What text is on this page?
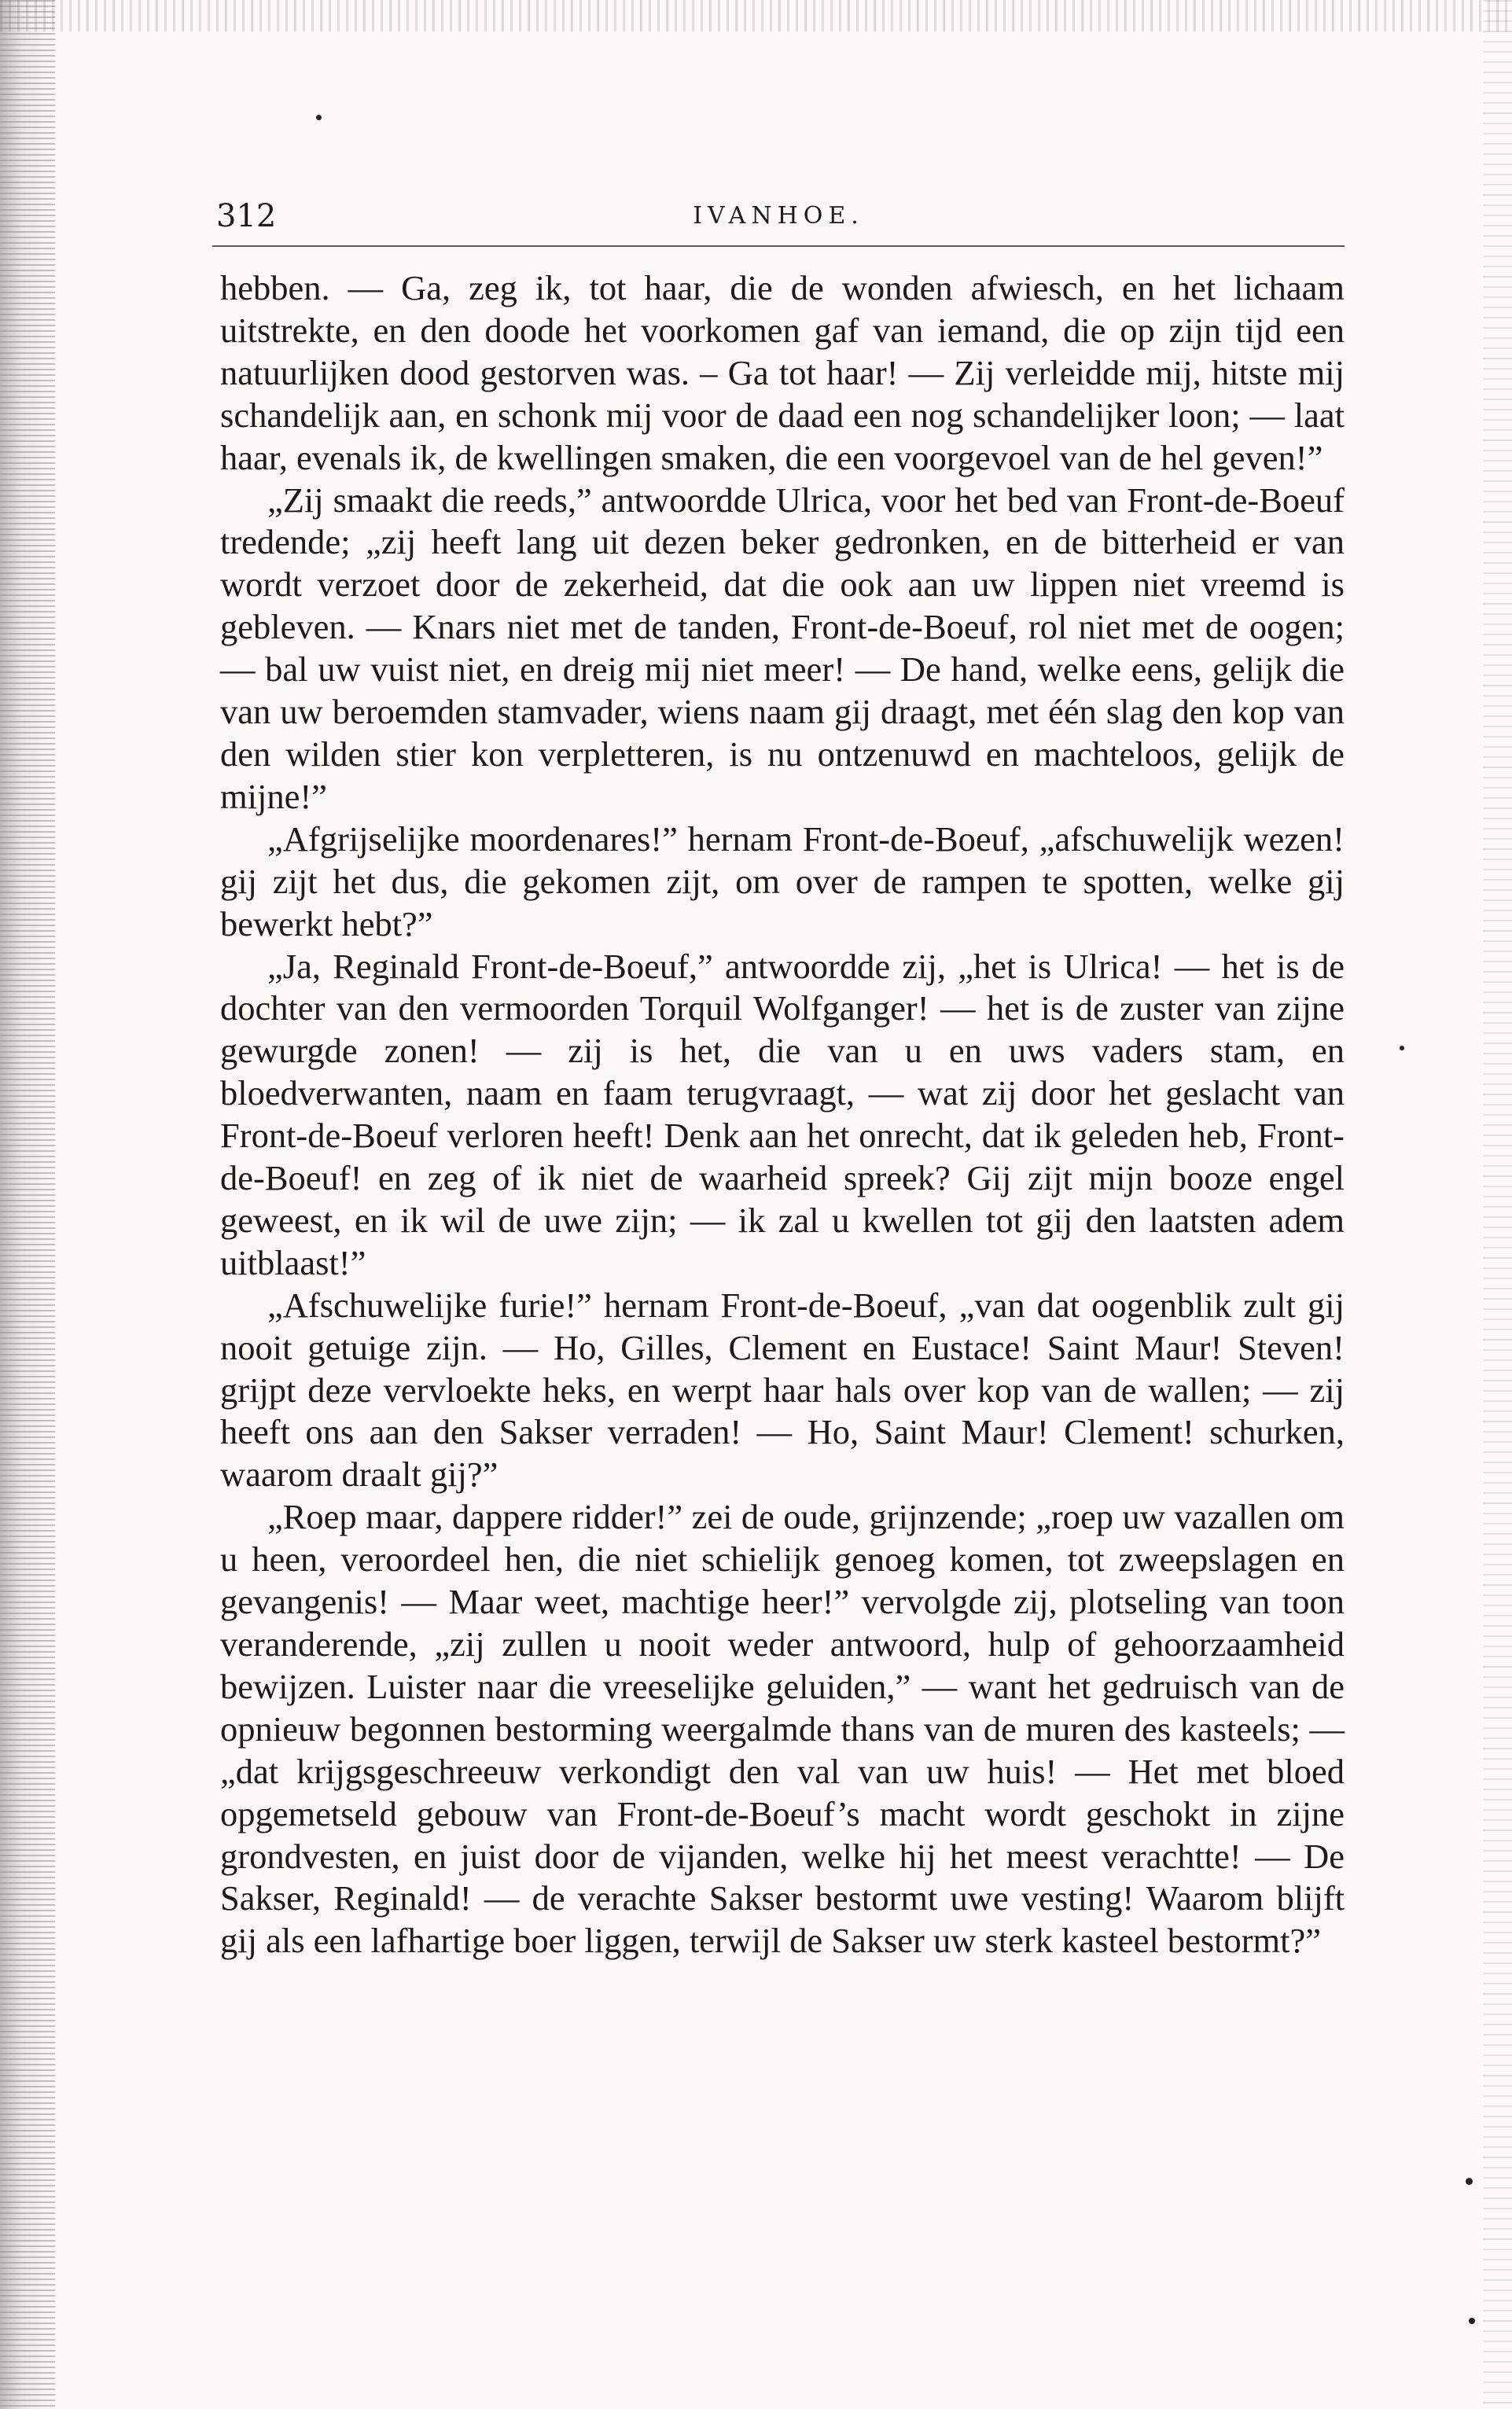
312	IVANHOE.

hebben. — Ga, zeg ik, tot haar, die de wonden afwiesch, en het lichaam uitstrekte, en den doode het voorkomen gaf van iemand, die op zijn tijd een natuurlijken dood gestorven was. – Ga tot haar! — Zij verleidde mij, hitste mij schandelijk aan, en schonk mij voor de daad een nog schandelijker loon; — laat haar, evenals ik, de kwellingen smaken, die een voorgevoel van de hel geven!”

„Zij smaakt die reeds,” antwoordde Ulrica, voor het bed van Front-de-Boeuf tredende; „zij heeft lang uit dezen beker gedronken, en de bitterheid er van wordt verzoet door de zekerheid, dat die ook aan uw lippen niet vreemd is gebleven. — Knars niet met de tanden, Front-de-Boeuf, rol niet met de oogen; — bal uw vuist niet, en dreig mij niet meer! — De hand, welke eens, gelijk die van uw beroemden stamvader, wiens naam gij draagt, met één slag den kop van den wilden stier kon verpletteren, is nu ontzenuwd en machteloos, gelijk de mijne!”

„Afgrijselijke moordenares!” hernam Front-de-Boeuf, „afschuwelijk wezen! gij zijt het dus, die gekomen zijt, om over de rampen te spotten, welke gij bewerkt hebt?”

„Ja, Reginald Front-de-Boeuf,” antwoordde zij, „het is Ulrica! — het is de dochter van den vermoorden Torquil Wolfganger! — het is de zuster van zijne gewurgde zonen! — zij is het, die van u en uws vaders stam, en bloedverwanten, naam en faam terugvraagt, — wat zij door het geslacht van Front-de-Boeuf verloren heeft! Denk aan het onrecht, dat ik geleden heb, Front-de-Boeuf! en zeg of ik niet de waarheid spreek? Gij zijt mijn booze engel geweest, en ik wil de uwe zijn; — ik zal u kwellen tot gij den laatsten adem uitblaast!”

„Afschuwelijke furie!” hernam Front-de-Boeuf, „van dat oogenblik zult gij nooit getuige zijn. — Ho, Gilles, Clement en Eustace! Saint Maur! Steven! grijpt deze vervloekte heks, en werpt haar hals over kop van de wallen; — zij heeft ons aan den Sakser verraden! — Ho, Saint Maur! Clement! schurken, waarom draalt gij?”

„Roep maar, dappere ridder!” zei de oude, grijnzende; „roep uw vazallen om u heen, veroordeel hen, die niet schielijk genoeg komen, tot zweepslagen en gevangenis! — Maar weet, machtige heer!” vervolgde zij, plotseling van toon veranderende, „zij zullen u nooit weder antwoord, hulp of gehoorzaamheid bewijzen. Luister naar die vreeselijke geluiden,” — want het gedruisch van de opnieuw begonnen bestorming weergalmde thans van de muren des kasteels; — „dat krijgsgeschreeuw verkondigt den val van uw huis! — Het met bloed opgemetseld gebouw van Front-de-Boeuf’s macht wordt geschokt in zijne grondvesten, en juist door de vijanden, welke hij het meest verachtte! — De Sakser, Reginald! — de verachte Sakser bestormt uwe vesting! Waarom blijft gij als een lafhartige boer liggen, terwijl de Sakser uw sterk kasteel bestormt?”
